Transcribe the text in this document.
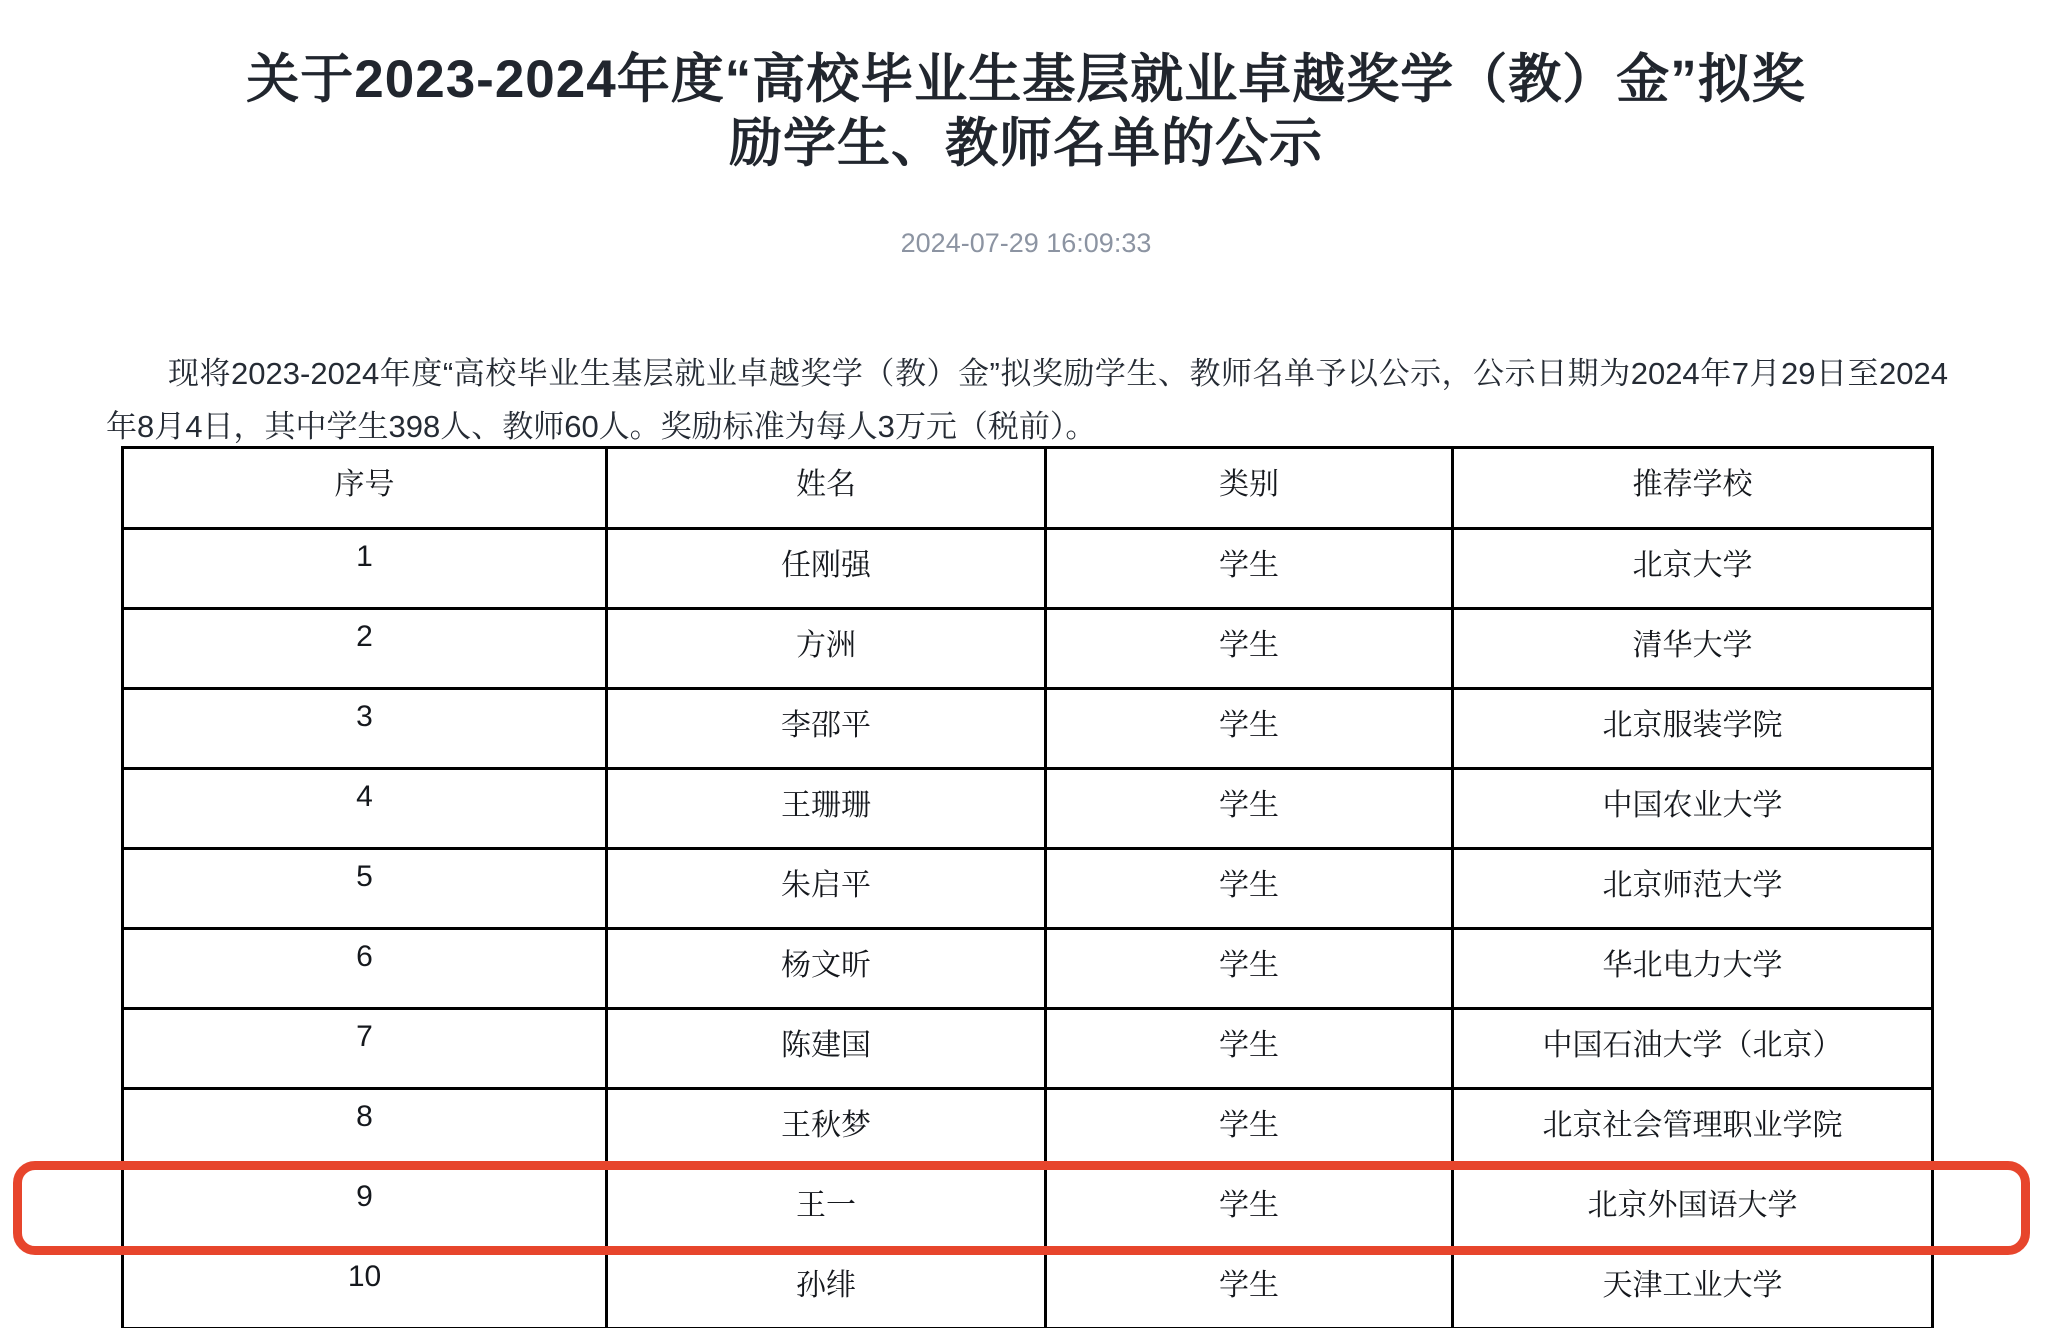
关于2023-2024年度“高校毕业生基层就业卓越奖学（教）金”拟奖
励学生、教师名单的公示
2024-07-29 16:09:33

现将2023-2024年度“高校毕业生基层就业卓越奖学（教）金”拟奖励学生、教师名单予以公示，公示日期为2024年7月29日至2024年8月4日，其中学生398人、教师60人。奖励标准为每人3万元（税前）。

序号	姓名	类别	推荐学校
1	任刚强	学生	北京大学
2	方洲	学生	清华大学
3	李邵平	学生	北京服装学院
4	王珊珊	学生	中国农业大学
5	朱启平	学生	北京师范大学
6	杨文昕	学生	华北电力大学
7	陈建国	学生	中国石油大学（北京）
8	王秋梦	学生	北京社会管理职业学院
9	王一	学生	北京外国语大学
10	孙绯	学生	天津工业大学
